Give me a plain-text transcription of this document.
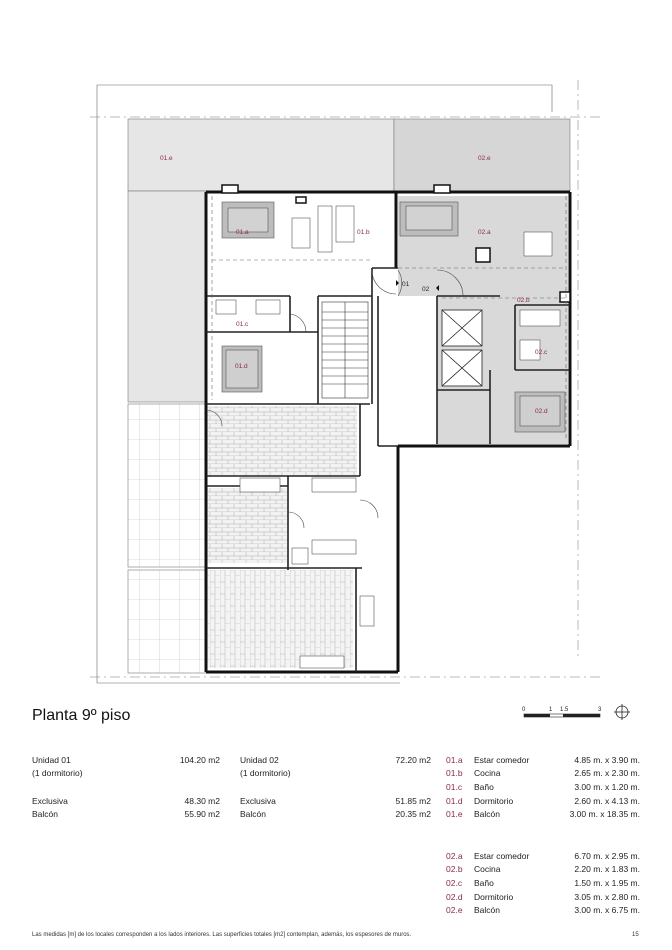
01.e	02.e
01.a	01.b	02.a
02.b
01.c
02.c
01.d
02.d
01
02
Planta 9º piso	0	1 1.5	3
Unidad 01	104.20 m2
(1 dormitorio)
Exclusiva	48.30 m2
Balcón	55.90 m2
Unidad 02	72.20 m2
(1 dormitorio)
Exclusiva	51.85 m2
Balcón	20.35 m2
01.a Estar comedor	4.85 m. x 3.90 m.
01.b Cocina	2.65 m. x 2.30 m.
01.c Baño	3.00 m. x 1.20 m.
01.d Dormitorio	2.60 m. x 4.13 m.
01.e Balcón	3.00 m. x 18.35 m.
02.a Estar comedor	6.70 m. x 2.95 m.
02.b Cocina	2.20 m. x 1.83 m.
02.c Baño	1.50 m. x 1.95 m.
02.d Dormitorio	3.05 m. x 2.80 m.
02.e Balcón	3.00 m. x 6.75 m.
Las medidas [m] de los locales corresponden a los lados interiores. Las superficies totales [m2] contemplan, además, los espesores de muros.	15
